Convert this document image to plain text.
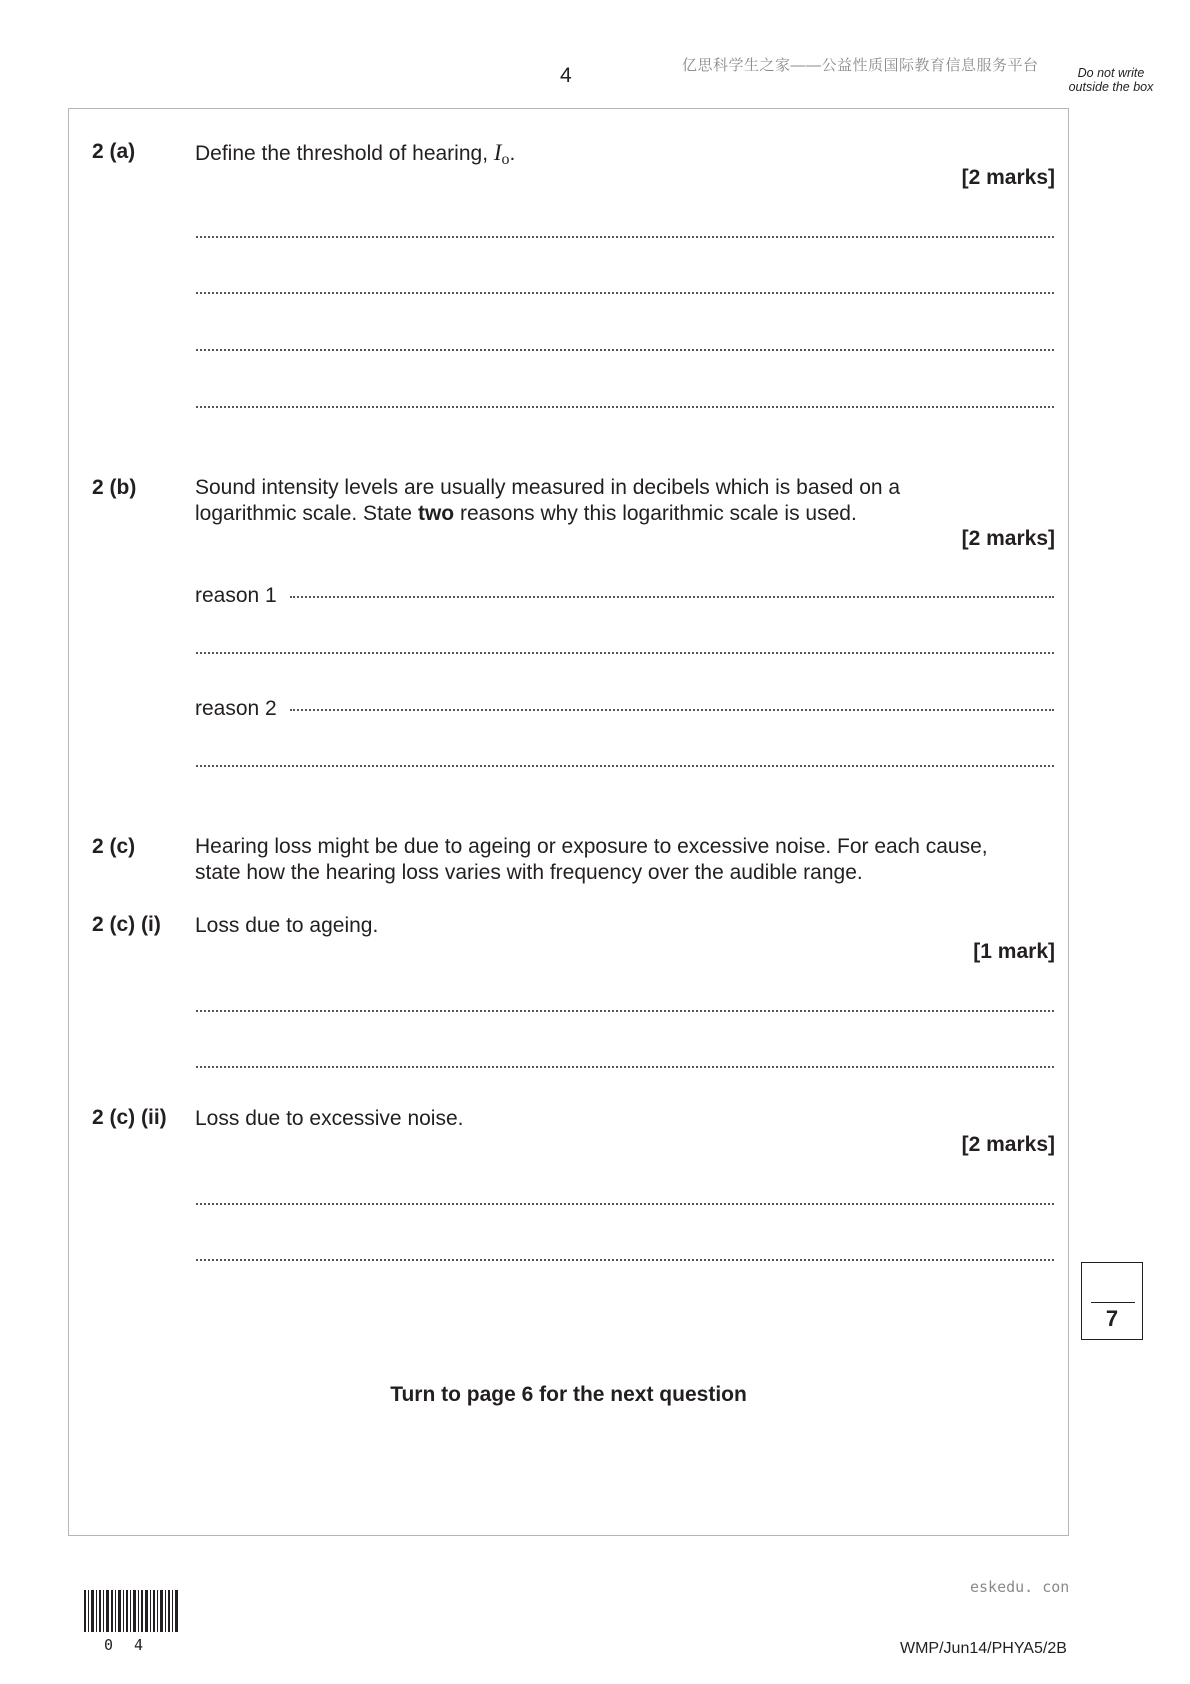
4	亿思科学生之家——公益性质国际教育信息服务平台	Do not write outside the box
2 (a)	Define the threshold of hearing, Io.
[2 marks]
2 (b)	Sound intensity levels are usually measured in decibels which is based on a
logarithmic scale. State two reasons why this logarithmic scale is used.
[2 marks]
reason 1
reason 2
2 (c)	Hearing loss might be due to ageing or exposure to excessive noise. For each cause,
state how the hearing loss varies with frequency over the audible range.
2 (c) (i) Loss due to ageing.
[1 mark]
2 (c) (ii) Loss due to excessive noise.
[2 marks]
7
Turn to page 6 for the next question
eskedu. con
0 4	WMP/Jun14/PHYA5/2B
